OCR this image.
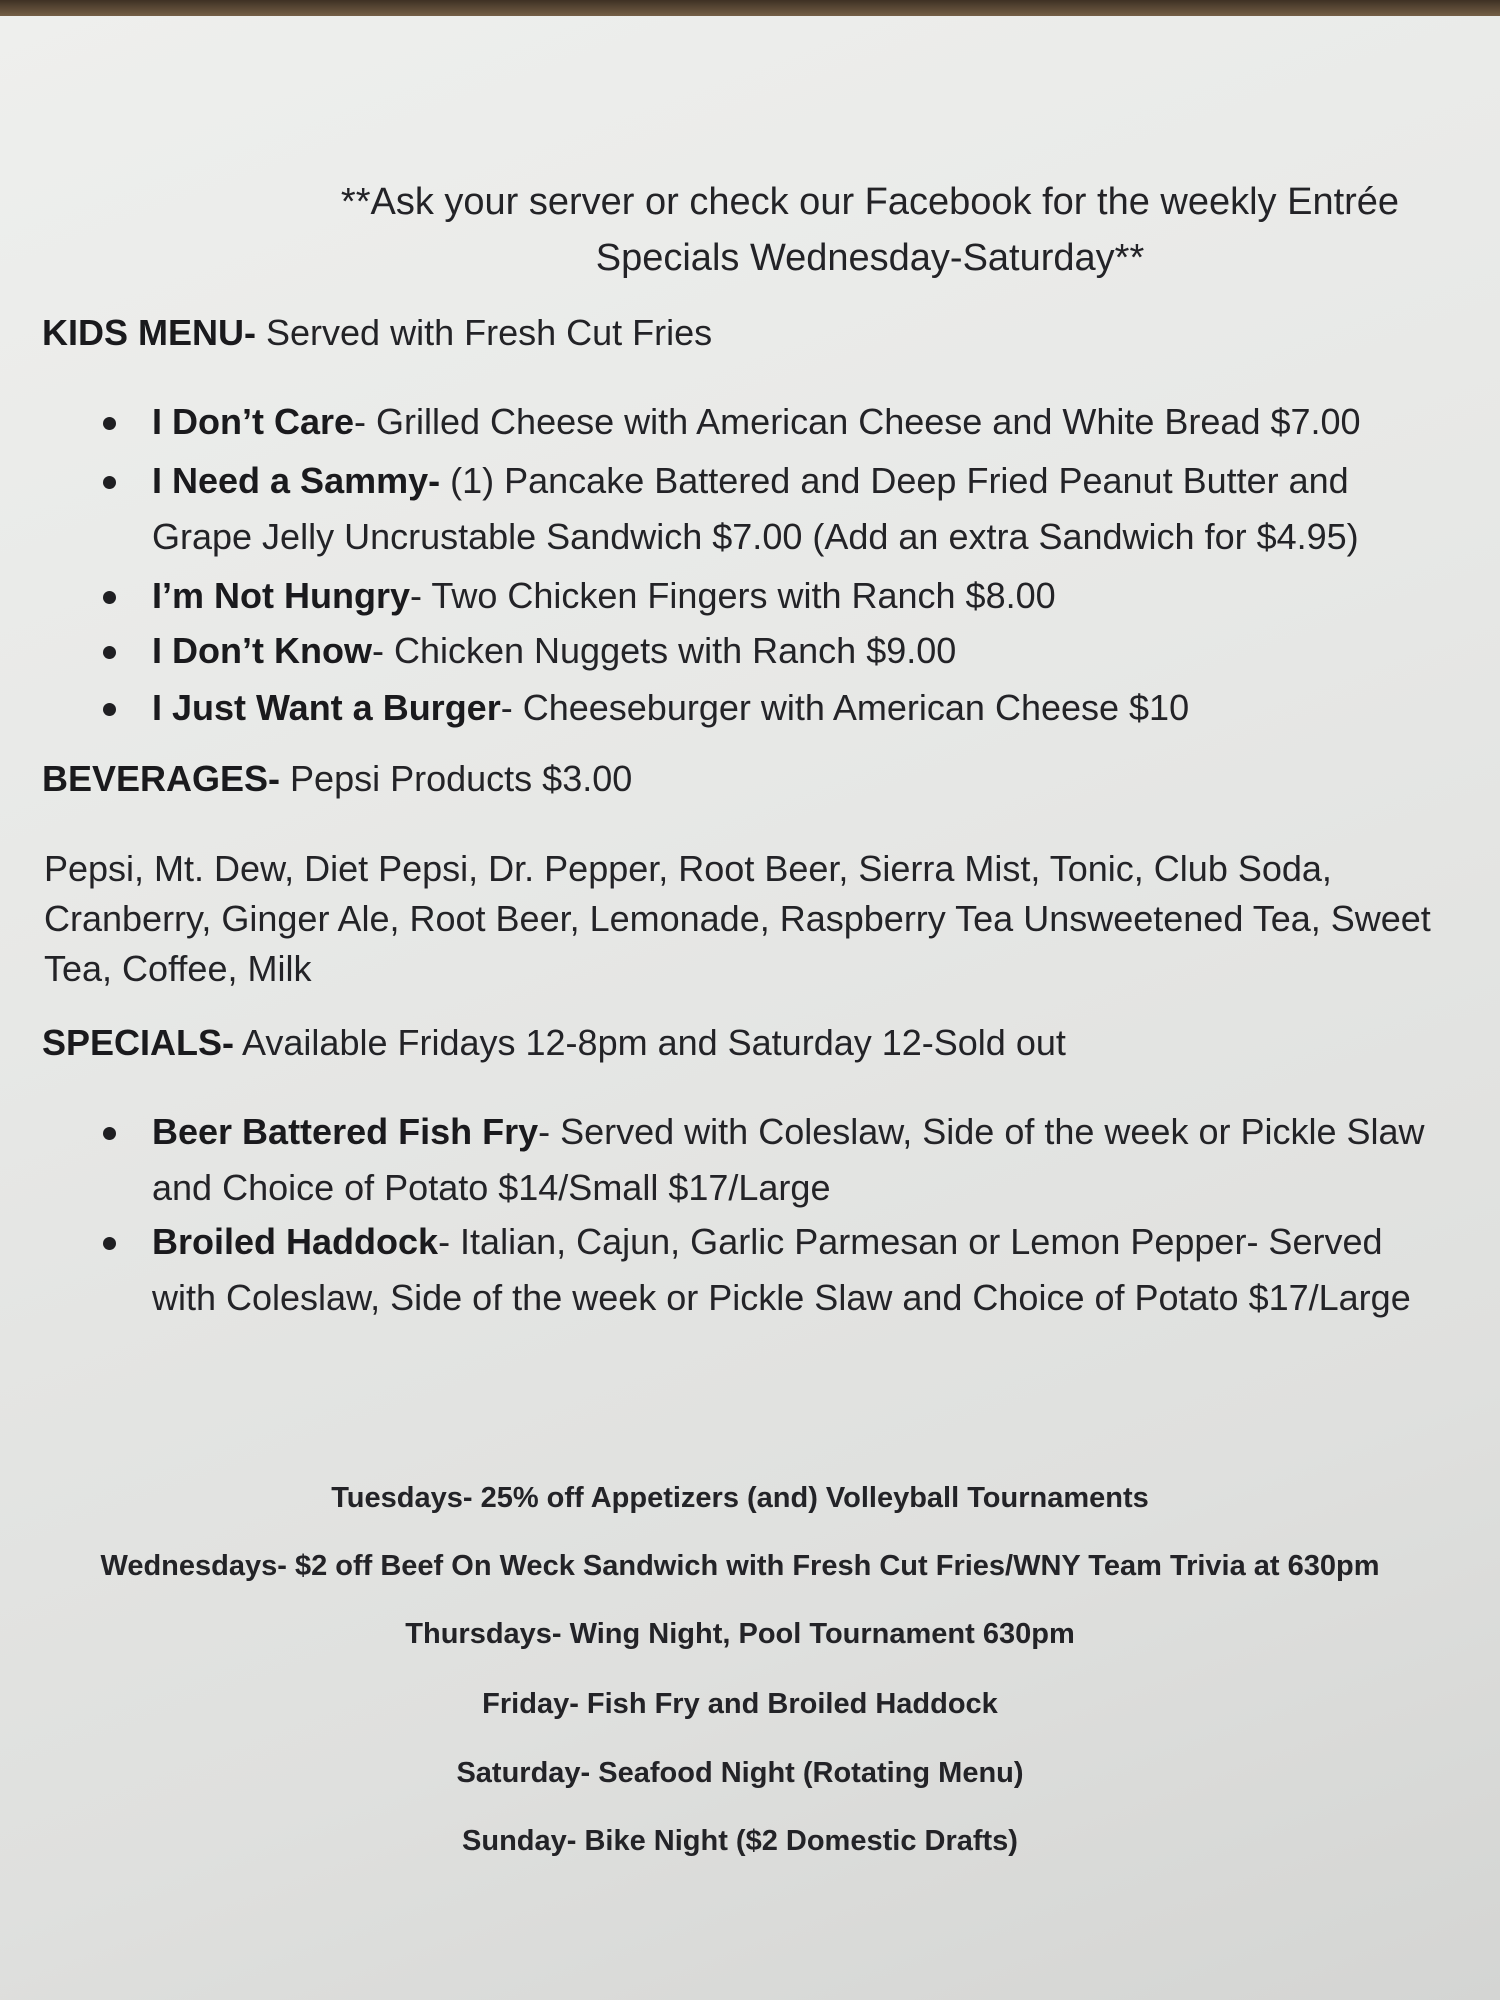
**Ask your server or check our Facebook for the weekly Entrée
Specials Wednesday-Saturday**
KIDS MENU- Served with Fresh Cut Fries
I Don’t Care- Grilled Cheese with American Cheese and White Bread $7.00
I Need a Sammy- (1) Pancake Battered and Deep Fried Peanut Butter and Grape Jelly Uncrustable Sandwich $7.00 (Add an extra Sandwich for $4.95)
I’m Not Hungry- Two Chicken Fingers with Ranch $8.00
I Don’t Know- Chicken Nuggets with Ranch $9.00
I Just Want a Burger- Cheeseburger with American Cheese $10
BEVERAGES- Pepsi Products $3.00
Pepsi, Mt. Dew, Diet Pepsi, Dr. Pepper, Root Beer, Sierra Mist, Tonic, Club Soda, Cranberry, Ginger Ale, Root Beer, Lemonade, Raspberry Tea Unsweetened Tea, Sweet Tea, Coffee, Milk
SPECIALS- Available Fridays 12-8pm and Saturday 12-Sold out
Beer Battered Fish Fry- Served with Coleslaw, Side of the week or Pickle Slaw and Choice of Potato $14/Small $17/Large
Broiled Haddock- Italian, Cajun, Garlic Parmesan or Lemon Pepper- Served with Coleslaw, Side of the week or Pickle Slaw and Choice of Potato $17/Large
Tuesdays- 25% off Appetizers (and) Volleyball Tournaments
Wednesdays- $2 off Beef On Weck Sandwich with Fresh Cut Fries/WNY Team Trivia at 630pm
Thursdays- Wing Night, Pool Tournament 630pm
Friday- Fish Fry and Broiled Haddock
Saturday- Seafood Night (Rotating Menu)
Sunday- Bike Night ($2 Domestic Drafts)
